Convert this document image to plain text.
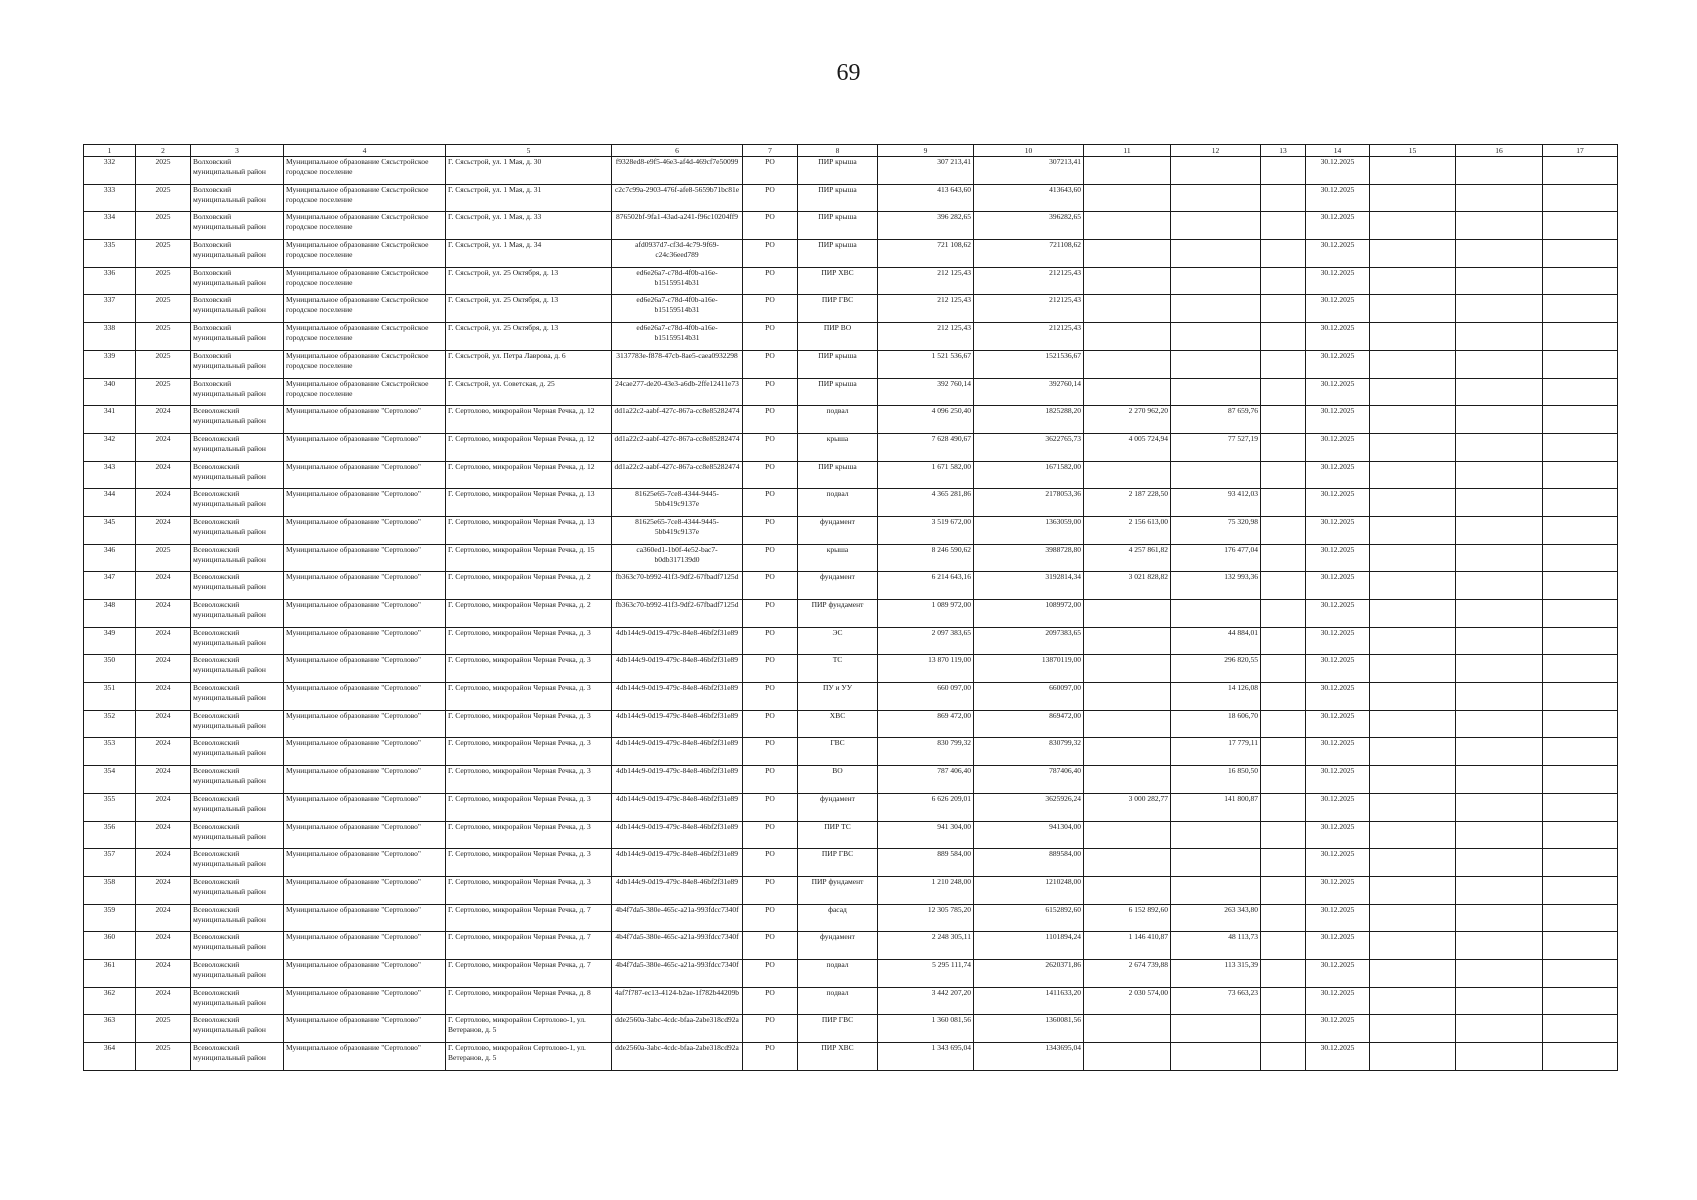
69
1	2	3	4	5	6	7	8	9	10	11	12	13	14	15	16	17
332	2025	Волховский муниципальный район	Муниципальное образование Сясьстройское городское поселение	Г. Сясьстрой, ул. 1 Мая, д. 30	f9328ed8-e9f5-46e3-af4d-469cf7e50099	РО	ПИР крыша	307 213,41	307213,41				30.12.2025			
333	2025	Волховский муниципальный район	Муниципальное образование Сясьстройское городское поселение	Г. Сясьстрой, ул. 1 Мая, д. 31	c2c7c99a-2903-476f-afe8-5659b71bc81e	РО	ПИР крыша	413 643,60	413643,60				30.12.2025			
334	2025	Волховский муниципальный район	Муниципальное образование Сясьстройское городское поселение	Г. Сясьстрой, ул. 1 Мая, д. 33	876502bf-9fa1-43ad-a241-f96c10204ff9	РО	ПИР крыша	396 282,65	396282,65				30.12.2025			
335	2025	Волховский муниципальный район	Муниципальное образование Сясьстройское городское поселение	Г. Сясьстрой, ул. 1 Мая, д. 34	afd0937d7-cf3d-4c79-9f69-c24c36eed789	РО	ПИР крыша	721 108,62	721108,62				30.12.2025			
336	2025	Волховский муниципальный район	Муниципальное образование Сясьстройское городское поселение	Г. Сясьстрой, ул. 25 Октября, д. 13	ed6e26a7-c78d-4f0b-a16e-b15159514b31	РО	ПИР ХВС	212 125,43	212125,43				30.12.2025			
337	2025	Волховский муниципальный район	Муниципальное образование Сясьстройское городское поселение	Г. Сясьстрой, ул. 25 Октября, д. 13	ed6e26a7-c78d-4f0b-a16e-b15159514b31	РО	ПИР ГВС	212 125,43	212125,43				30.12.2025			
338	2025	Волховский муниципальный район	Муниципальное образование Сясьстройское городское поселение	Г. Сясьстрой, ул. 25 Октября, д. 13	ed6e26a7-c78d-4f0b-a16e-b15159514b31	РО	ПИР ВО	212 125,43	212125,43				30.12.2025			
339	2025	Волховский муниципальный район	Муниципальное образование Сясьстройское городское поселение	Г. Сясьстрой, ул. Петра Лаврова, д. 6	3137783e-f878-47cb-8ae5-caea0932298	РО	ПИР крыша	1 521 536,67	1521536,67				30.12.2025			
340	2025	Волховский муниципальный район	Муниципальное образование Сясьстройское городское поселение	Г. Сясьстрой, ул. Советская, д. 25	24cae277-de20-43e3-a6db-2ffe12411e73	РО	ПИР крыша	392 760,14	392760,14				30.12.2025			
341	2024	Всеволожский муниципальный район	Муниципальное образование "Сертолово"	Г. Сертолово, микрорайон Черная Речка, д. 12	dd1a22c2-aabf-427c-867a-cc8e85282474	РО	подвал	4 096 250,40	1825288,20	2 270 962,20	87 659,76		30.12.2025			
342	2024	Всеволожский муниципальный район	Муниципальное образование "Сертолово"	Г. Сертолово, микрорайон Черная Речка, д. 12	dd1a22c2-aabf-427c-867a-cc8e85282474	РО	крыша	7 628 490,67	3622765,73	4 005 724,94	77 527,19		30.12.2025			
343	2024	Всеволожский муниципальный район	Муниципальное образование "Сертолово"	Г. Сертолово, микрорайон Черная Речка, д. 12	dd1a22c2-aabf-427c-867a-cc8e85282474	РО	ПИР крыша	1 671 582,00	1671582,00				30.12.2025			
344	2024	Всеволожский муниципальный район	Муниципальное образование "Сертолово"	Г. Сертолово, микрорайон Черная Речка, д. 13	81625e65-7ce8-4344-9445-5bb419c9137e	РО	подвал	4 365 281,86	2178053,36	2 187 228,50	93 412,03		30.12.2025			
345	2024	Всеволожский муниципальный район	Муниципальное образование "Сертолово"	Г. Сертолово, микрорайон Черная Речка, д. 13	81625e65-7ce8-4344-9445-5bb419c9137e	РО	фундамент	3 519 672,00	1363059,00	2 156 613,00	75 320,98		30.12.2025			
346	2025	Всеволожский муниципальный район	Муниципальное образование "Сертолово"	Г. Сертолово, микрорайон Черная Речка, д. 15	ca360ed1-1b0f-4e52-bac7-b0db317139d0	РО	крыша	8 246 590,62	3988728,80	4 257 861,82	176 477,04		30.12.2025			
347	2024	Всеволожский муниципальный район	Муниципальное образование "Сертолово"	Г. Сертолово, микрорайон Черная Речка, д. 2	fb363c70-b992-41f3-9df2-67fbadf7125d	РО	фундамент	6 214 643,16	3192814,34	3 021 828,82	132 993,36		30.12.2025			
348	2024	Всеволожский муниципальный район	Муниципальное образование "Сертолово"	Г. Сертолово, микрорайон Черная Речка, д. 2	fb363c70-b992-41f3-9df2-67fbadf7125d	РО	ПИР фундамент	1 089 972,00	1089972,00				30.12.2025			
349	2024	Всеволожский муниципальный район	Муниципальное образование "Сертолово"	Г. Сертолово, микрорайон Черная Речка, д. 3	4db144c9-0d19-479c-84e8-46bf2f31e89	РО	ЭС	2 097 383,65	2097383,65		44 884,01		30.12.2025			
350	2024	Всеволожский муниципальный район	Муниципальное образование "Сертолово"	Г. Сертолово, микрорайон Черная Речка, д. 3	4db144c9-0d19-479c-84e8-46bf2f31e89	РО	ТС	13 870 119,00	13870119,00		296 820,55		30.12.2025			
351	2024	Всеволожский муниципальный район	Муниципальное образование "Сертолово"	Г. Сертолово, микрорайон Черная Речка, д. 3	4db144c9-0d19-479c-84e8-46bf2f31e89	РО	ПУ и УУ	660 097,00	660097,00		14 126,08		30.12.2025			
352	2024	Всеволожский муниципальный район	Муниципальное образование "Сертолово"	Г. Сертолово, микрорайон Черная Речка, д. 3	4db144c9-0d19-479c-84e8-46bf2f31e89	РО	ХВС	869 472,00	869472,00		18 606,70		30.12.2025			
353	2024	Всеволожский муниципальный район	Муниципальное образование "Сертолово"	Г. Сертолово, микрорайон Черная Речка, д. 3	4db144c9-0d19-479c-84e8-46bf2f31e89	РО	ГВС	830 799,32	830799,32		17 779,11		30.12.2025			
354	2024	Всеволожский муниципальный район	Муниципальное образование "Сертолово"	Г. Сертолово, микрорайон Черная Речка, д. 3	4db144c9-0d19-479c-84e8-46bf2f31e89	РО	ВО	787 406,40	787406,40		16 850,50		30.12.2025			
355	2024	Всеволожский муниципальный район	Муниципальное образование "Сертолово"	Г. Сертолово, микрорайон Черная Речка, д. 3	4db144c9-0d19-479c-84e8-46bf2f31e89	РО	фундамент	6 626 209,01	3625926,24	3 000 282,77	141 800,87		30.12.2025			
356	2024	Всеволожский муниципальный район	Муниципальное образование "Сертолово"	Г. Сертолово, микрорайон Черная Речка, д. 3	4db144c9-0d19-479c-84e8-46bf2f31e89	РО	ПИР ТС	941 304,00	941304,00				30.12.2025			
357	2024	Всеволожский муниципальный район	Муниципальное образование "Сертолово"	Г. Сертолово, микрорайон Черная Речка, д. 3	4db144c9-0d19-479c-84e8-46bf2f31e89	РО	ПИР ГВС	889 584,00	889584,00				30.12.2025			
358	2024	Всеволожский муниципальный район	Муниципальное образование "Сертолово"	Г. Сертолово, микрорайон Черная Речка, д. 3	4db144c9-0d19-479c-84e8-46bf2f31e89	РО	ПИР фундамент	1 210 248,00	1210248,00				30.12.2025			
359	2024	Всеволожский муниципальный район	Муниципальное образование "Сертолово"	Г. Сертолово, микрорайон Черная Речка, д. 7	4b4f7da5-380e-465c-a21a-993fdcc7340f	РО	фасад	12 305 785,20	6152892,60	6 152 892,60	263 343,80		30.12.2025			
360	2024	Всеволожский муниципальный район	Муниципальное образование "Сертолово"	Г. Сертолово, микрорайон Черная Речка, д. 7	4b4f7da5-380e-465c-a21a-993fdcc7340f	РО	фундамент	2 248 305,11	1101894,24	1 146 410,87	48 113,73		30.12.2025			
361	2024	Всеволожский муниципальный район	Муниципальное образование "Сертолово"	Г. Сертолово, микрорайон Черная Речка, д. 7	4b4f7da5-380e-465c-a21a-993fdcc7340f	РО	подвал	5 295 111,74	2620371,86	2 674 739,88	113 315,39		30.12.2025			
362	2024	Всеволожский муниципальный район	Муниципальное образование "Сертолово"	Г. Сертолово, микрорайон Черная Речка, д. 8	4af7f787-ec13-4124-b2ae-1f782b44209b	РО	подвал	3 442 207,20	1411633,20	2 030 574,00	73 663,23		30.12.2025			
363	2025	Всеволожский муниципальный район	Муниципальное образование "Сертолово"	Г. Сертолово, микрорайон Сертолово-1, ул. Ветеранов, д. 5	dde2560a-3abc-4cdc-bfaa-2abe318cd92a	РО	ПИР ГВС	1 360 081,56	1360081,56				30.12.2025			
364	2025	Всеволожский муниципальный район	Муниципальное образование "Сертолово"	Г. Сертолово, микрорайон Сертолово-1, ул. Ветеранов, д. 5	dde2560a-3abc-4cdc-bfaa-2abe318cd92a	РО	ПИР ХВС	1 343 695,04	1343695,04				30.12.2025			
